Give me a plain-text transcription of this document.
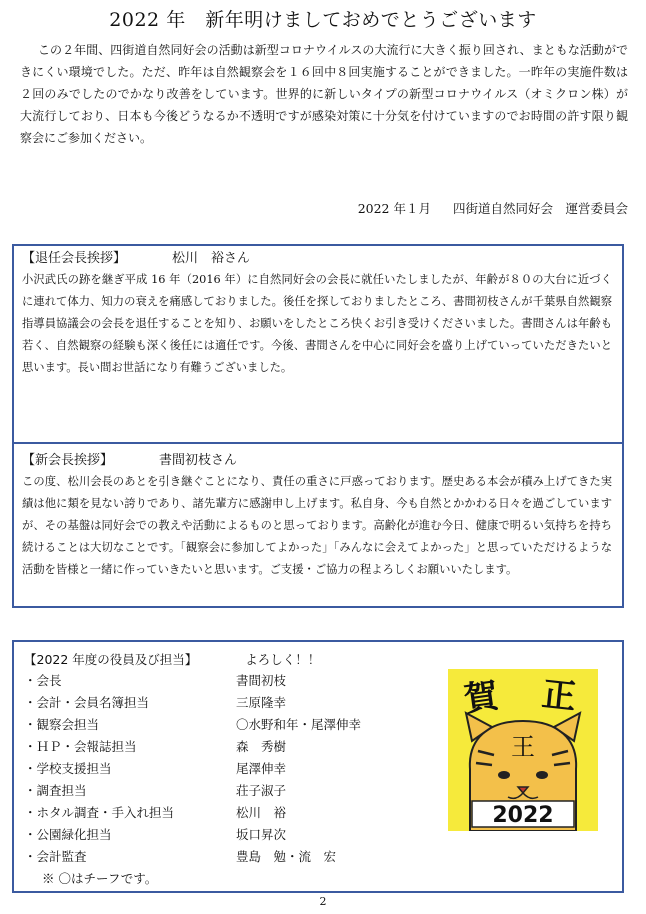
2022 年　新年明けましておめでとうございます
この２年間、四街道自然同好会の活動は新型コロナウイルスの大流行に大きく振り回され、まともな活動ができにくい環境でした。ただ、昨年は自然観察会を１６回中８回実施することができました。一昨年の実施件数は２回のみでしたのでかなり改善をしています。世界的に新しいタイプの新型コロナウイルス（オミクロン株）が大流行しており、日本も今後どうなるか不透明ですが感染対策に十分気を付けていますのでお時間の許す限り観察会にご参加ください。
2022 年１月 四街道自然同好会　運営委員会
【退任会長挨拶】	松川　裕さん
小沢武氏の跡を継ぎ平成 16 年（2016 年）に自然同好会の会長に就任いたしましたが、年齢が８０の大台に近づくに連れて体力、知力の衰えを痛感しておりました。後任を探しておりましたところ、書間初枝さんが千葉県自然観察指導員協議会の会長を退任することを知り、お願いをしたところ快くお引き受けくださいました。書間さんは年齢も若く、自然観察の経験も深く後任には適任です。今後、書間さんを中心に同好会を盛り上げていっていただきたいと思います。長い間お世話になり有難うございました。
【新会長挨拶】	書間初枝さん
この度、松川会長のあとを引き継ぐことになり、責任の重さに戸惑っております。歴史ある本会が積み上げてきた実績は他に類を見ない誇りであり、諸先輩方に感謝申し上げます。私自身、今も自然とかかわる日々を過ごしていますが、その基盤は同好会での教えや活動によるものと思っております。高齢化が進む今日、健康で明るい気持ちを持ち続けることは大切なことです。「観察会に参加してよかった」「みんなに会えてよかった」と思っていただけるような活動を皆様と一緒に作っていきたいと思います。ご支援・ご協力の程よろしくお願いいたします。
【2022 年度の役員及び担当】	よろしく！！
・会長	書間初枝
・会計・会員名簿担当	三原隆幸
・観察会担当	〇水野和年・尾澤伸幸
・ＨＰ・会報誌担当	森　秀樹
・学校支援担当	尾澤伸幸
・調査担当	荘子淑子
・ホタル調査・手入れ担当	松川　裕
・公園緑化担当	坂口昇次
・会計監査	豊島　勉・流　宏
※ 〇はチーフです。
賀 正
王
2022
2
